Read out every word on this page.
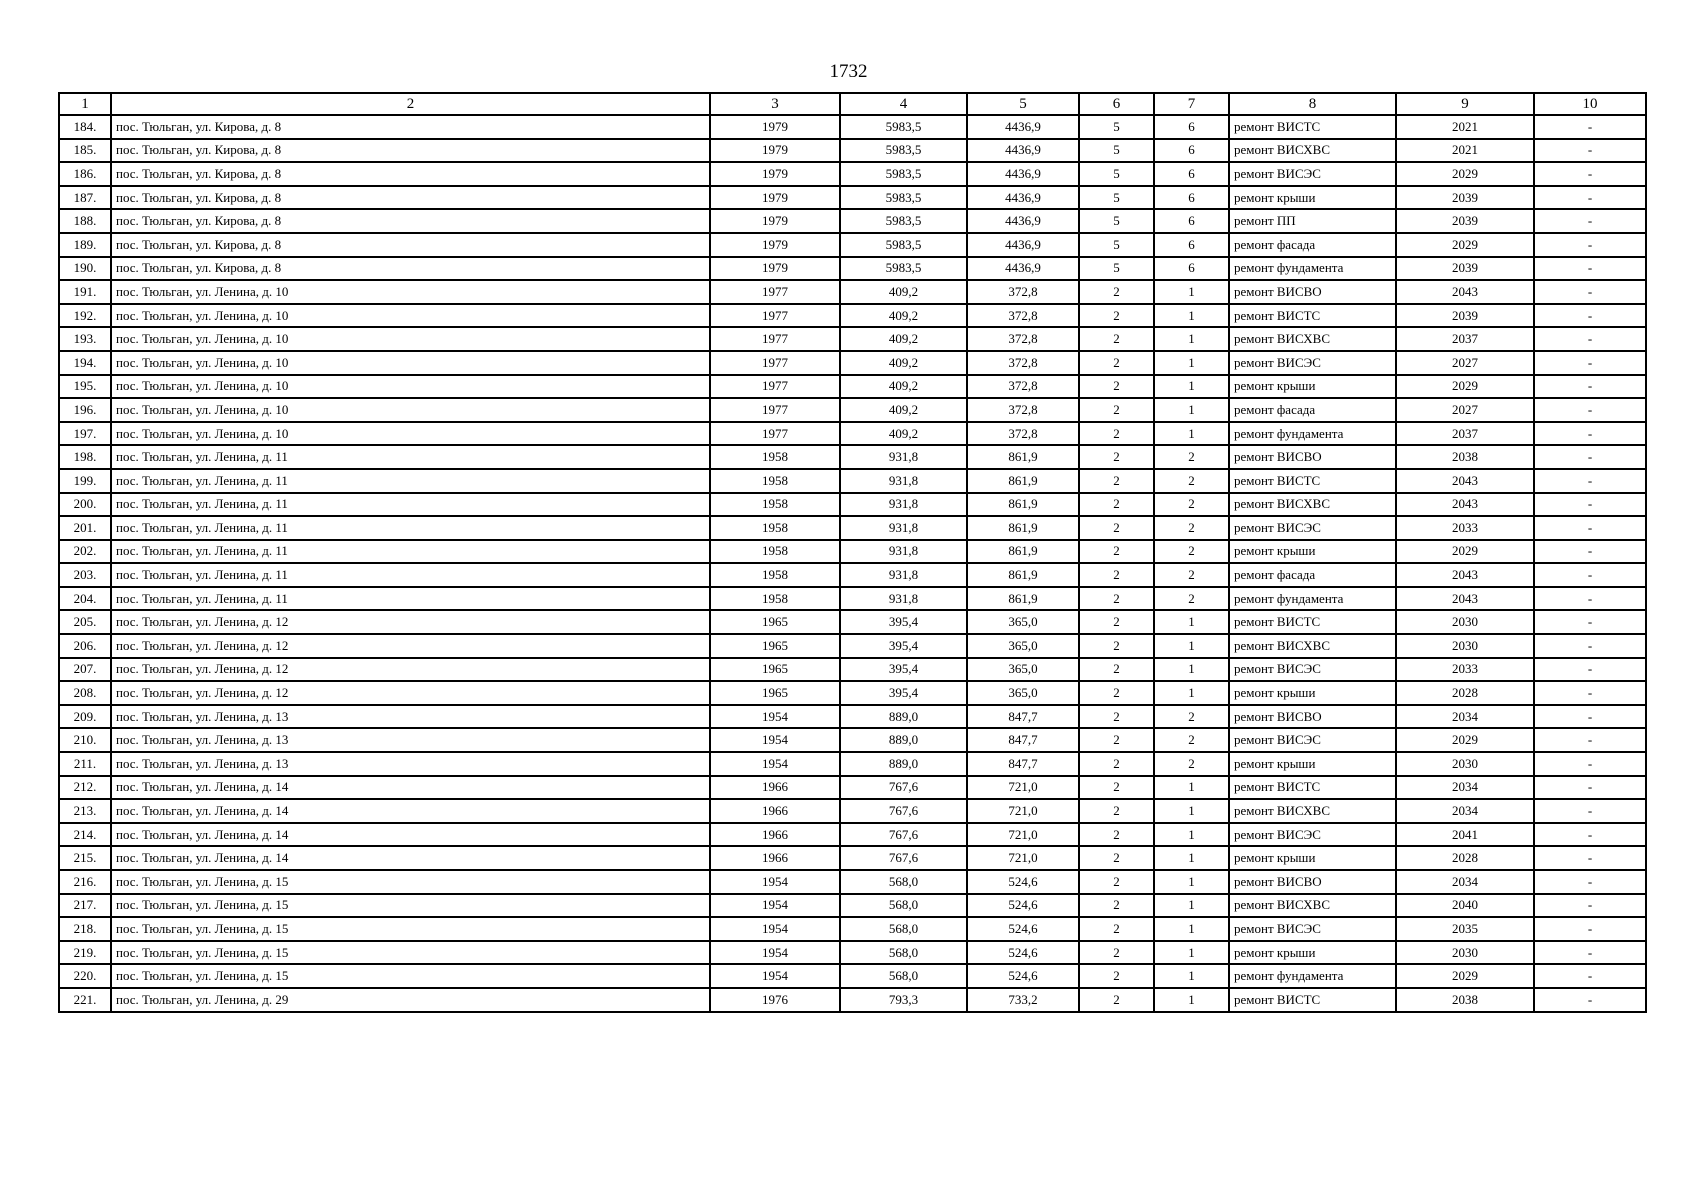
1732
1	2	3	4	5	6	7	8	9	10
184.	пос. Тюльган, ул. Кирова, д. 8	1979	5983,5	4436,9	5	6	ремонт ВИСТС	2021	-
185.	пос. Тюльган, ул. Кирова, д. 8	1979	5983,5	4436,9	5	6	ремонт ВИСХВС	2021	-
186.	пос. Тюльган, ул. Кирова, д. 8	1979	5983,5	4436,9	5	6	ремонт ВИСЭС	2029	-
187.	пос. Тюльган, ул. Кирова, д. 8	1979	5983,5	4436,9	5	6	ремонт крыши	2039	-
188.	пос. Тюльган, ул. Кирова, д. 8	1979	5983,5	4436,9	5	6	ремонт ПП	2039	-
189.	пос. Тюльган, ул. Кирова, д. 8	1979	5983,5	4436,9	5	6	ремонт фасада	2029	-
190.	пос. Тюльган, ул. Кирова, д. 8	1979	5983,5	4436,9	5	6	ремонт фундамента	2039	-
191.	пос. Тюльган, ул. Ленина, д. 10	1977	409,2	372,8	2	1	ремонт ВИСВО	2043	-
192.	пос. Тюльган, ул. Ленина, д. 10	1977	409,2	372,8	2	1	ремонт ВИСТС	2039	-
193.	пос. Тюльган, ул. Ленина, д. 10	1977	409,2	372,8	2	1	ремонт ВИСХВС	2037	-
194.	пос. Тюльган, ул. Ленина, д. 10	1977	409,2	372,8	2	1	ремонт ВИСЭС	2027	-
195.	пос. Тюльган, ул. Ленина, д. 10	1977	409,2	372,8	2	1	ремонт крыши	2029	-
196.	пос. Тюльган, ул. Ленина, д. 10	1977	409,2	372,8	2	1	ремонт фасада	2027	-
197.	пос. Тюльган, ул. Ленина, д. 10	1977	409,2	372,8	2	1	ремонт фундамента	2037	-
198.	пос. Тюльган, ул. Ленина, д. 11	1958	931,8	861,9	2	2	ремонт ВИСВО	2038	-
199.	пос. Тюльган, ул. Ленина, д. 11	1958	931,8	861,9	2	2	ремонт ВИСТС	2043	-
200.	пос. Тюльган, ул. Ленина, д. 11	1958	931,8	861,9	2	2	ремонт ВИСХВС	2043	-
201.	пос. Тюльган, ул. Ленина, д. 11	1958	931,8	861,9	2	2	ремонт ВИСЭС	2033	-
202.	пос. Тюльган, ул. Ленина, д. 11	1958	931,8	861,9	2	2	ремонт крыши	2029	-
203.	пос. Тюльган, ул. Ленина, д. 11	1958	931,8	861,9	2	2	ремонт фасада	2043	-
204.	пос. Тюльган, ул. Ленина, д. 11	1958	931,8	861,9	2	2	ремонт фундамента	2043	-
205.	пос. Тюльган, ул. Ленина, д. 12	1965	395,4	365,0	2	1	ремонт ВИСТС	2030	-
206.	пос. Тюльган, ул. Ленина, д. 12	1965	395,4	365,0	2	1	ремонт ВИСХВС	2030	-
207.	пос. Тюльган, ул. Ленина, д. 12	1965	395,4	365,0	2	1	ремонт ВИСЭС	2033	-
208.	пос. Тюльган, ул. Ленина, д. 12	1965	395,4	365,0	2	1	ремонт крыши	2028	-
209.	пос. Тюльган, ул. Ленина, д. 13	1954	889,0	847,7	2	2	ремонт ВИСВО	2034	-
210.	пос. Тюльган, ул. Ленина, д. 13	1954	889,0	847,7	2	2	ремонт ВИСЭС	2029	-
211.	пос. Тюльган, ул. Ленина, д. 13	1954	889,0	847,7	2	2	ремонт крыши	2030	-
212.	пос. Тюльган, ул. Ленина, д. 14	1966	767,6	721,0	2	1	ремонт ВИСТС	2034	-
213.	пос. Тюльган, ул. Ленина, д. 14	1966	767,6	721,0	2	1	ремонт ВИСХВС	2034	-
214.	пос. Тюльган, ул. Ленина, д. 14	1966	767,6	721,0	2	1	ремонт ВИСЭС	2041	-
215.	пос. Тюльган, ул. Ленина, д. 14	1966	767,6	721,0	2	1	ремонт крыши	2028	-
216.	пос. Тюльган, ул. Ленина, д. 15	1954	568,0	524,6	2	1	ремонт ВИСВО	2034	-
217.	пос. Тюльган, ул. Ленина, д. 15	1954	568,0	524,6	2	1	ремонт ВИСХВС	2040	-
218.	пос. Тюльган, ул. Ленина, д. 15	1954	568,0	524,6	2	1	ремонт ВИСЭС	2035	-
219.	пос. Тюльган, ул. Ленина, д. 15	1954	568,0	524,6	2	1	ремонт крыши	2030	-
220.	пос. Тюльган, ул. Ленина, д. 15	1954	568,0	524,6	2	1	ремонт фундамента	2029	-
221.	пос. Тюльган, ул. Ленина, д. 29	1976	793,3	733,2	2	1	ремонт ВИСТС	2038	-
